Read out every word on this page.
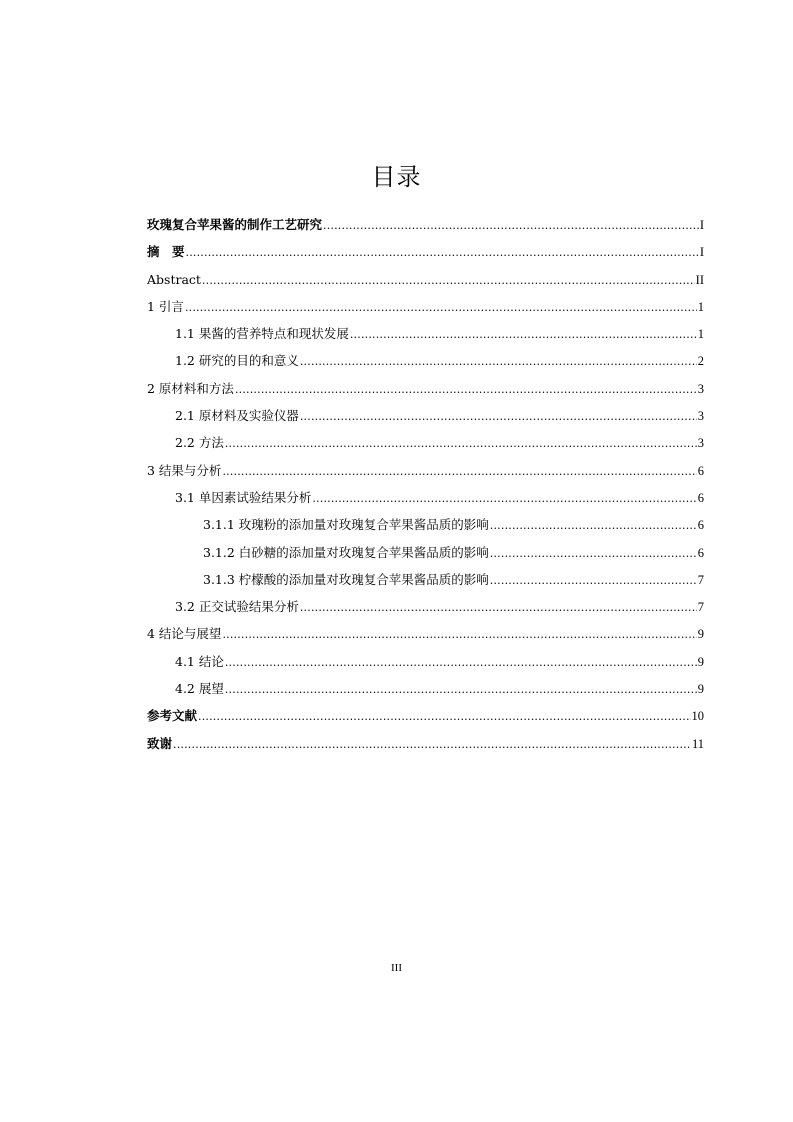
目录
玫瑰复合苹果酱的制作工艺研究 .....	I
摘　要 .....	I
Abstract .....	II
1 引言 .....	1
1.1 果酱的营养特点和现状发展 .....	1
1.2 研究的目的和意义 .....	2
2 原材料和方法 .....	3
2.1 原材料及实验仪器 .....	3
2.2 方法 .....	3
3 结果与分析 .....	6
3.1 单因素试验结果分析 .....	6
3.1.1 玫瑰粉的添加量对玫瑰复合苹果酱品质的影响 .....	6
3.1.2 白砂糖的添加量对玫瑰复合苹果酱品质的影响 .....	6
3.1.3 柠檬酸的添加量对玫瑰复合苹果酱品质的影响 .....	7
3.2 正交试验结果分析 .....	7
4 结论与展望 .....	9
4.1 结论 .....	9
4.2 展望 .....	9
参考文献 .....	10
致谢 .....	11
III
